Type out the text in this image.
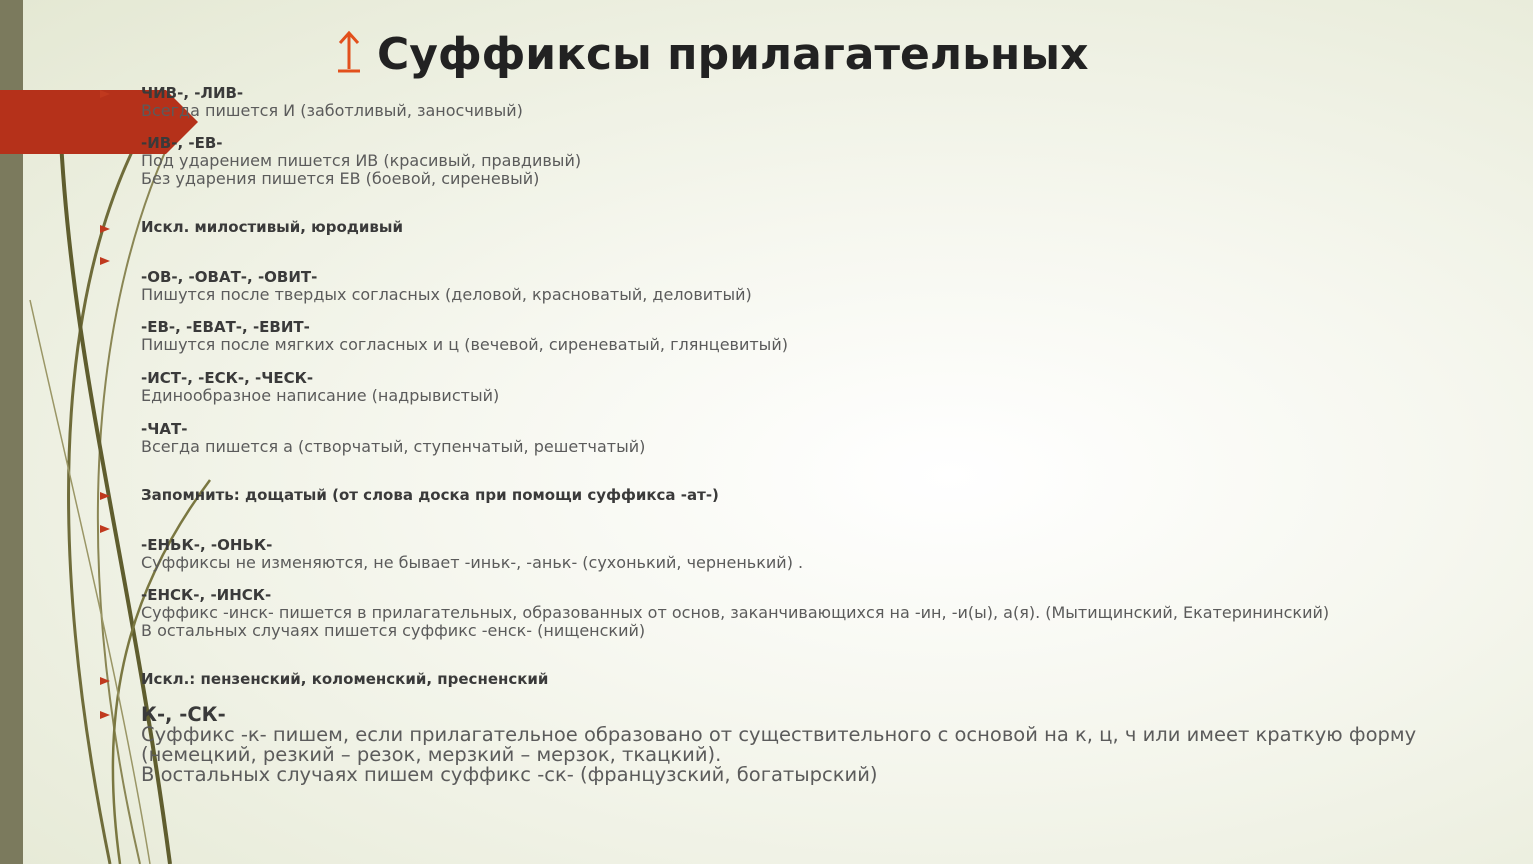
Суффиксы прилагательных
ЧИВ-, -ЛИВ-
Всегда пишется И (заботливый, заносчивый)
-ИВ-, -ЕВ-
Под ударением пишется ИВ (красивый, правдивый)
Без ударения пишется ЕВ (боевой, сиреневый)
Искл. милостивый, юродивый
-ОВ-, -ОВАТ-, -ОВИТ-
Пишутся после твердых согласных (деловой, красноватый, деловитый)
-ЕВ-, -ЕВАТ-, -ЕВИТ-
Пишутся после мягких согласных и ц (вечевой, сиреневатый, глянцевитый)
-ИСТ-, -ЕСК-, -ЧЕСК-
Единообразное написание (надрывистый)
-ЧАТ-
Всегда пишется а (створчатый, ступенчатый, решетчатый)
Запомнить: дощатый (от слова доска при помощи суффикса -ат-)
-ЕНЬК-, -ОНЬК-
Суффиксы не изменяются, не бывает -иньк-, -аньк- (сухонький, черненький) .
-ЕНСК-, -ИНСК-
Суффикс -инск- пишется в прилагательных, образованных от основ, заканчивающихся на -ин, -и(ы), а(я). (Мытищинский, Екатерининский)
В остальных случаях пишется суффикс -енск- (нищенский)
Искл.: пензенский, коломенский, пресненский
К-, -СК-
Суффикс -к- пишем, если прилагательное образовано от существительного с основой на к, ц, ч или имеет краткую форму
(немецкий, резкий – резок, мерзкий – мерзок, ткацкий).
В остальных случаях пишем суффикс -ск- (французский, богатырский)
